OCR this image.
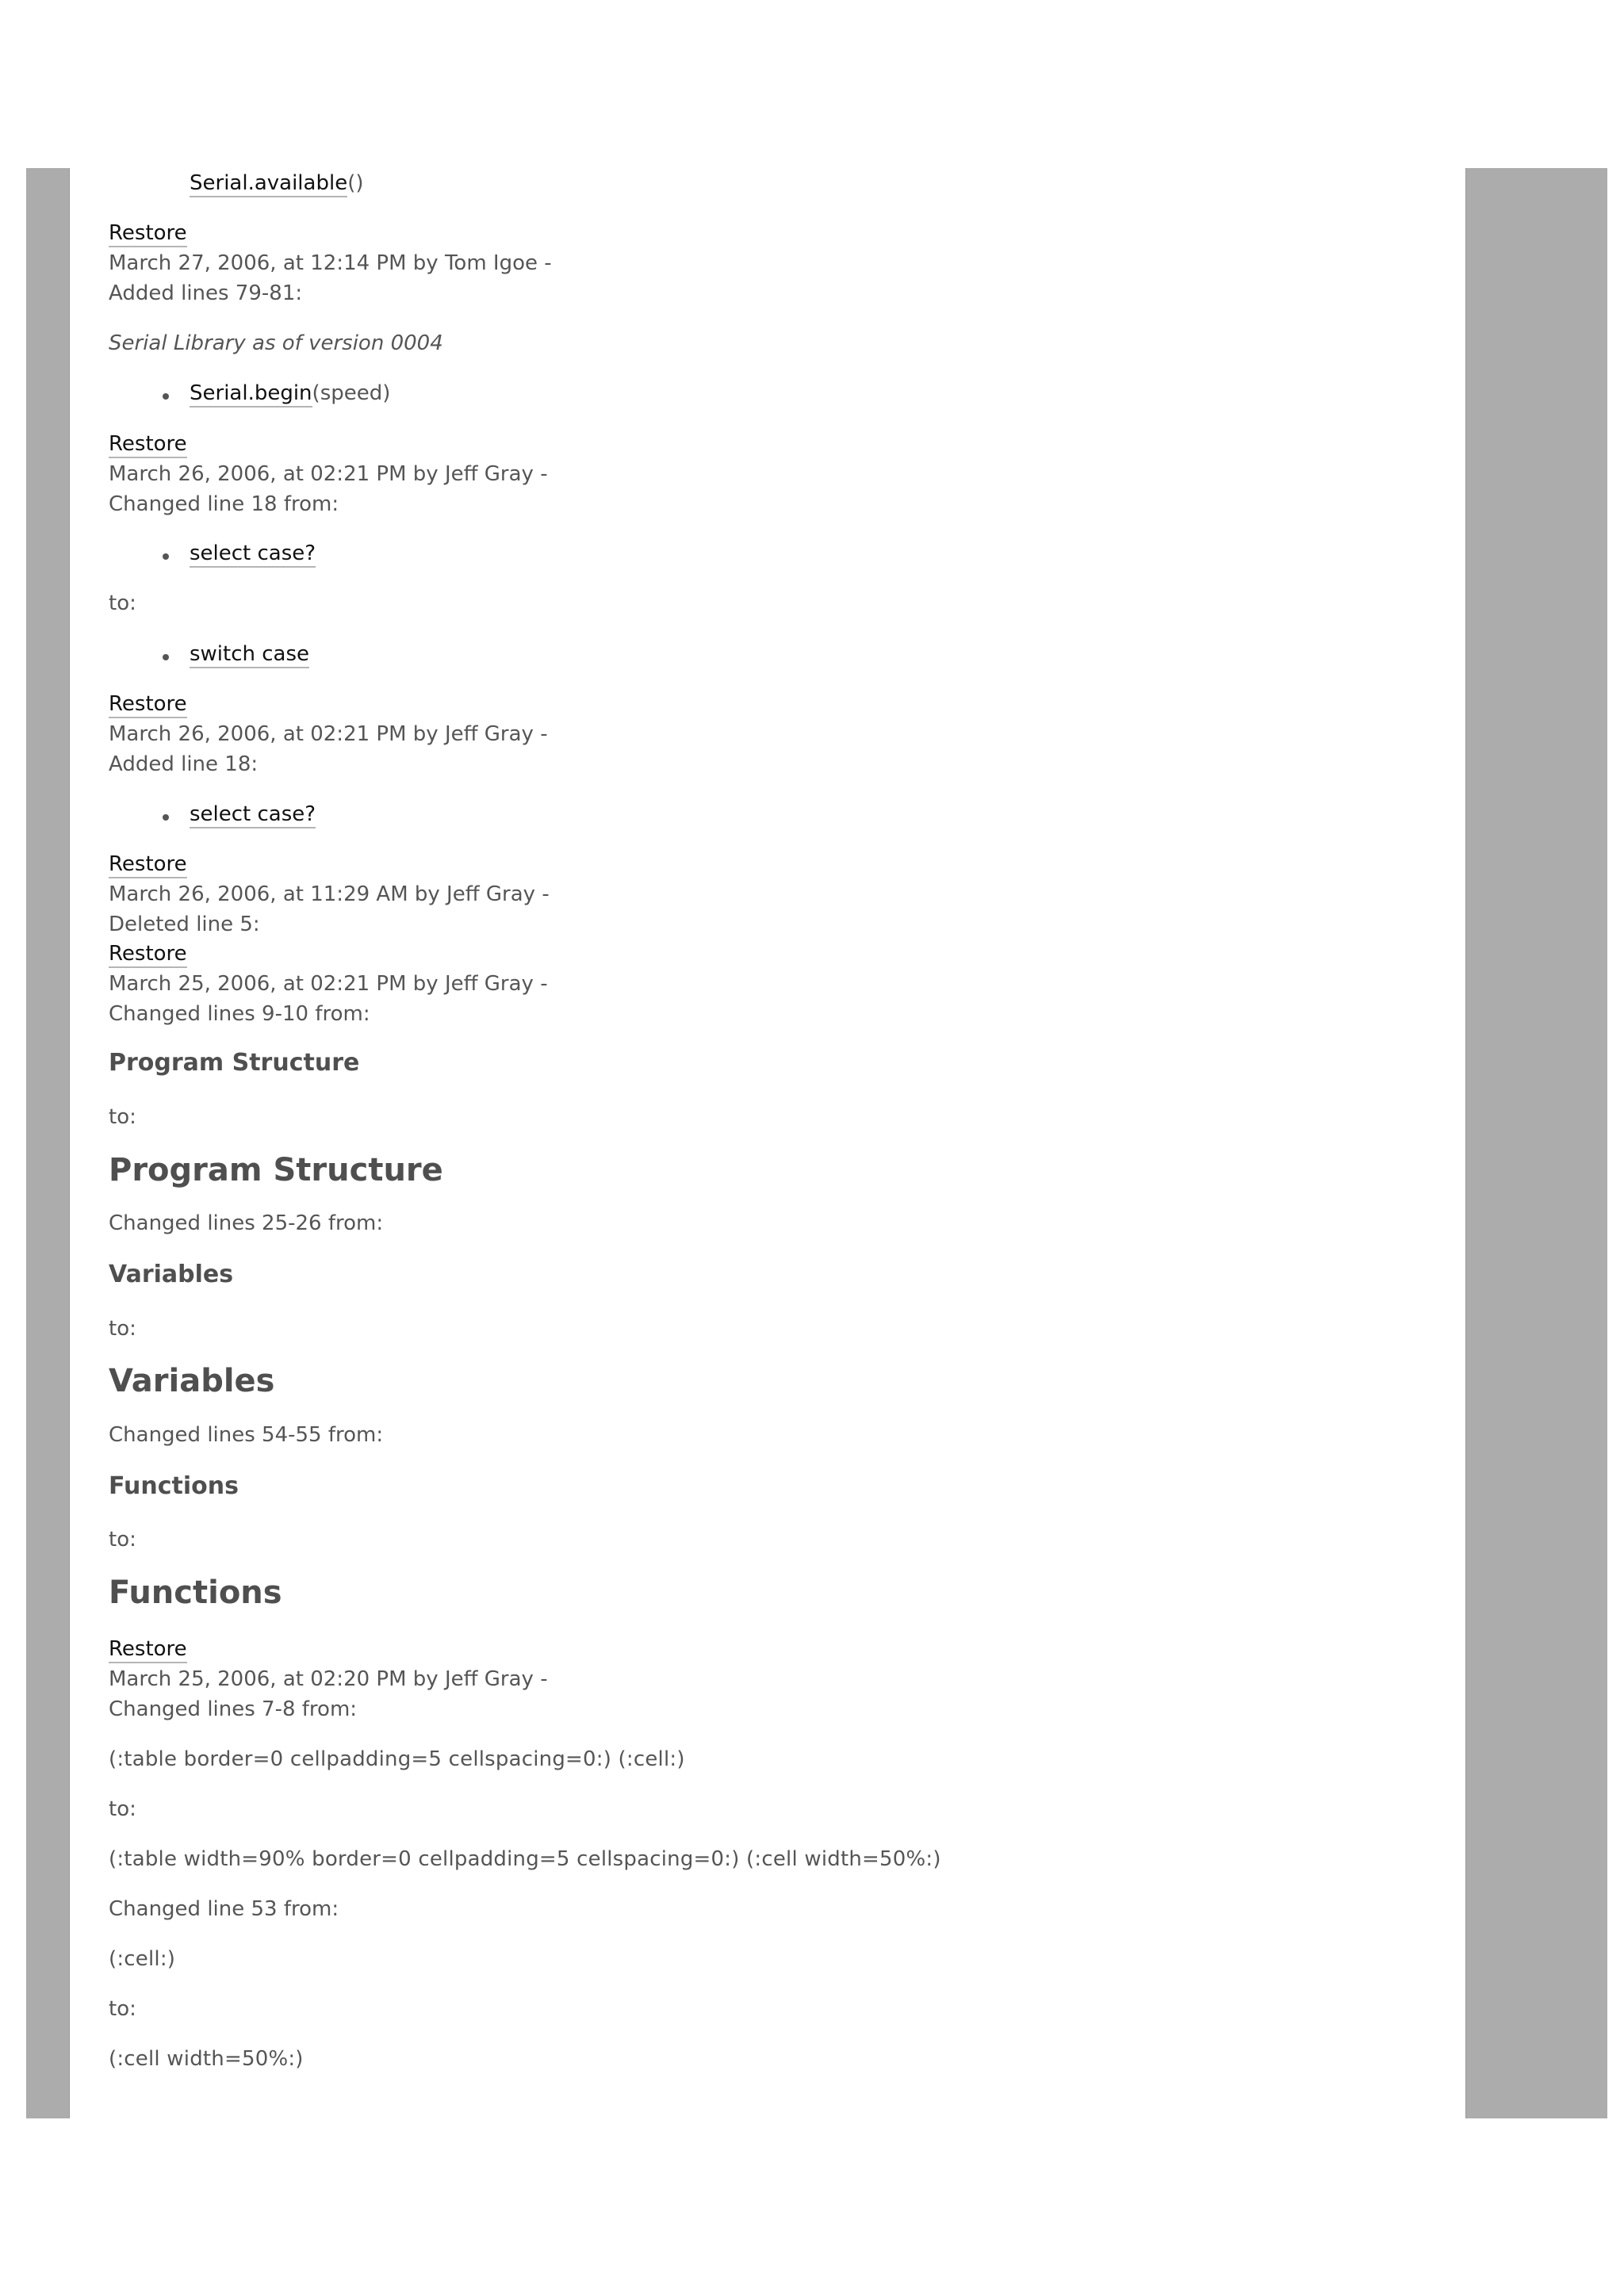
Serial.available()
Restore
March 27, 2006, at 12:14 PM by Tom Igoe -
Added lines 79-81:
Serial Library as of version 0004
Serial.begin(speed)
Restore
March 26, 2006, at 02:21 PM by Jeff Gray -
Changed line 18 from:
select case?
to:
switch case
Restore
March 26, 2006, at 02:21 PM by Jeff Gray -
Added line 18:
select case?
Restore
March 26, 2006, at 11:29 AM by Jeff Gray -
Deleted line 5:
Restore
March 25, 2006, at 02:21 PM by Jeff Gray -
Changed lines 9-10 from:
Program Structure
to:
Program Structure
Changed lines 25-26 from:
Variables
to:
Variables
Changed lines 54-55 from:
Functions
to:
Functions
Restore
March 25, 2006, at 02:20 PM by Jeff Gray -
Changed lines 7-8 from:
(:table border=0 cellpadding=5 cellspacing=0:) (:cell:)
to:
(:table width=90% border=0 cellpadding=5 cellspacing=0:) (:cell width=50%:)
Changed line 53 from:
(:cell:)
to:
(:cell width=50%:)
